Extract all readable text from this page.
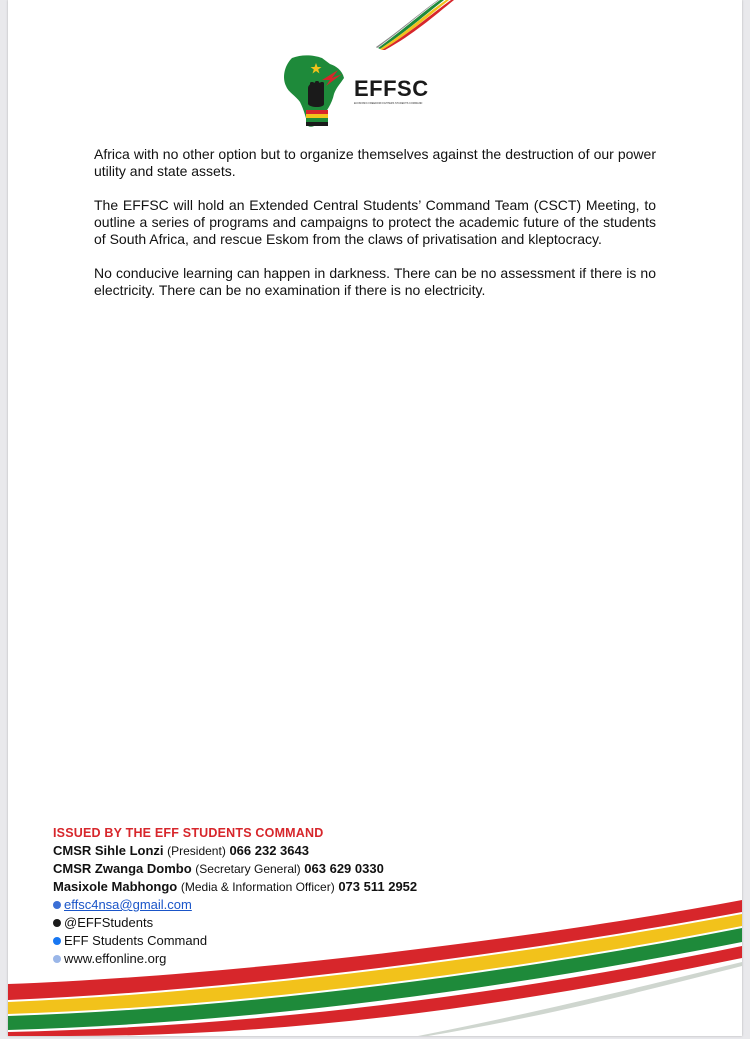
EFFSC
ECONOMIC FREEDOM FIGHTERS STUDENTS COMMAND

Africa with no other option but to organize themselves against the destruction of our power utility and state assets.

The EFFSC will hold an Extended Central Students’ Command Team (CSCT) Meeting, to outline a series of programs and campaigns to protect the academic future of the students of South Africa, and rescue Eskom from the claws of privatisation and kleptocracy.

No conducive learning can happen in darkness. There can be no assessment if there is no electricity. There can be no examination if there is no electricity.

ISSUED BY THE EFF STUDENTS COMMAND
CMSR Sihle Lonzi (President) 066 232 3643
CMSR Zwanga Dombo (Secretary General) 063 629 0330
Masixole Mabhongo (Media & Information Officer) 073 511 2952
effsc4nsa@gmail.com
@EFFStudents
EFF Students Command
www.effonline.org
